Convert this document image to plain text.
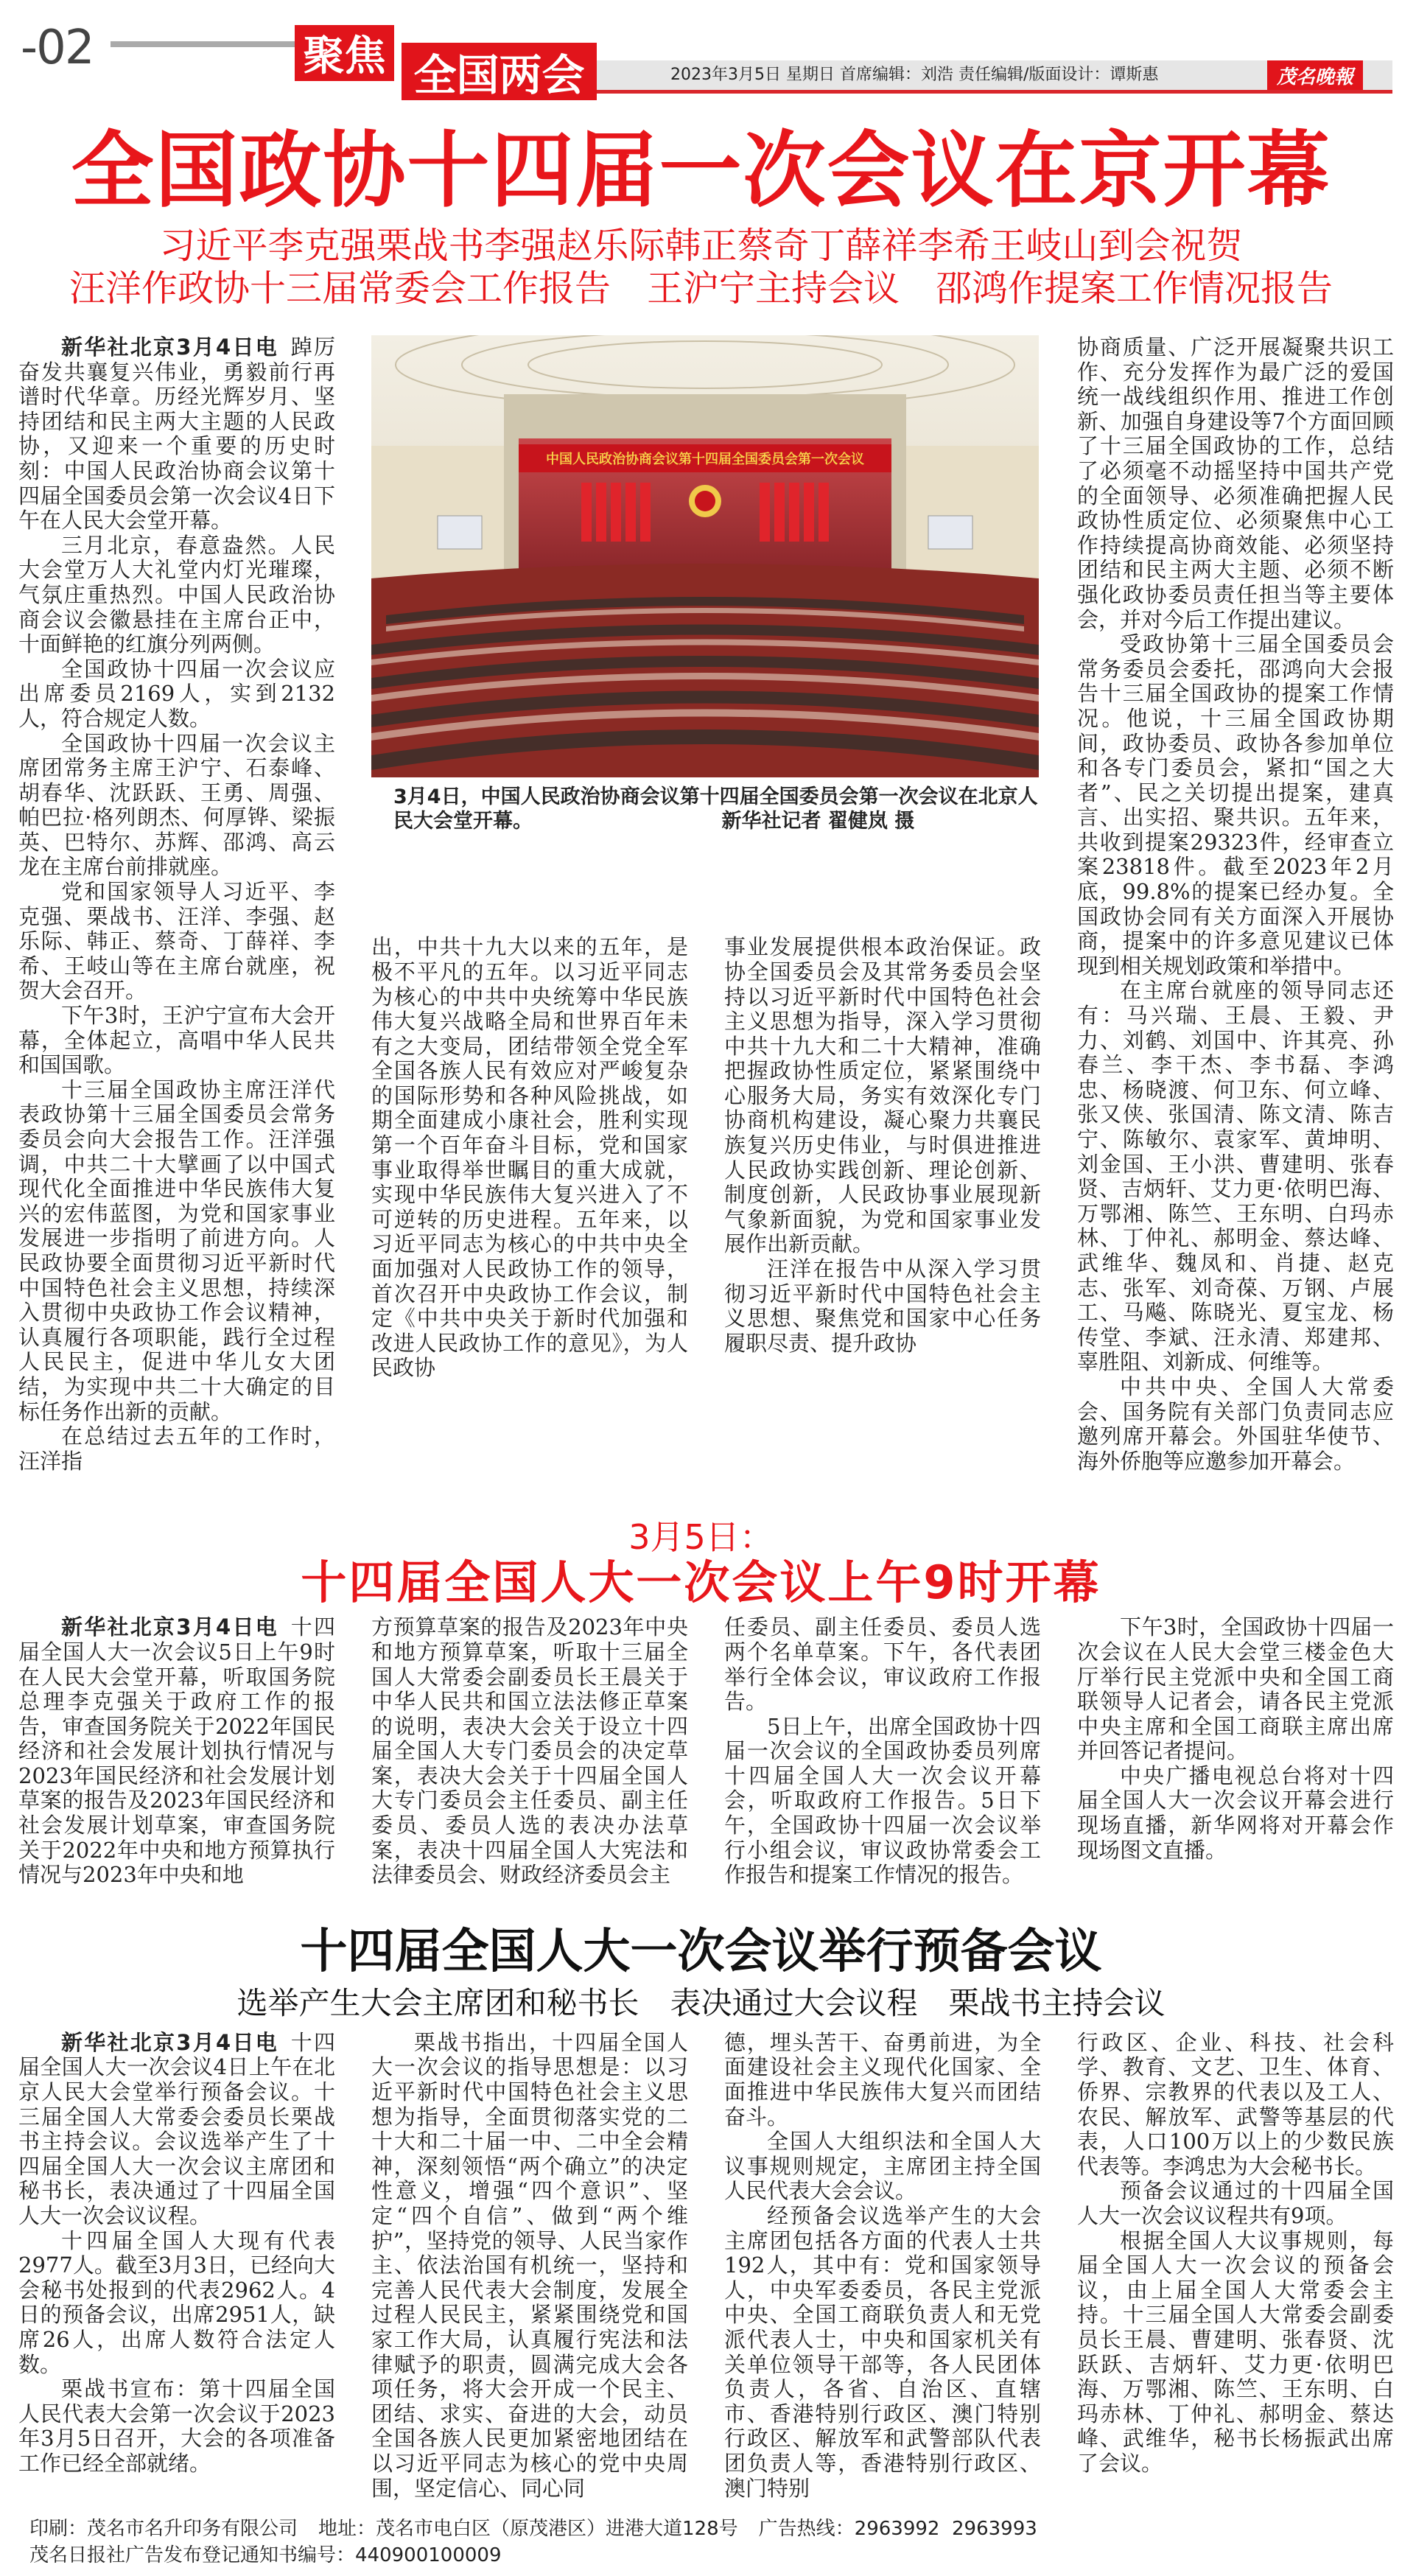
-02	聚焦 全国两会	2023年3月5日 星期日 首席编辑：刘浩 责任编辑/版面设计：谭斯惠	茂名晚報
全国政协十四届一次会议在京开幕
习近平李克强栗战书李强赵乐际韩正蔡奇丁薛祥李希王岐山到会祝贺
汪洋作政协十三届常委会工作报告　王沪宁主持会议　邵鸿作提案工作情况报告

新华社北京3月4日电  踔厉奋发共襄复兴伟业，勇毅前行再谱时代华章。历经光辉岁月、坚持团结和民主两大主题的人民政协，又迎来一个重要的历史时刻：中国人民政治协商会议第十四届全国委员会第一次会议4日下午在人民大会堂开幕。

三月北京，春意盎然。人民大会堂万人大礼堂内灯光璀璨，气氛庄重热烈。中国人民政治协商会议会徽悬挂在主席台正中，十面鲜艳的红旗分列两侧。

全国政协十四届一次会议应出席委员2169人，实到2132人，符合规定人数。

全国政协十四届一次会议主席团常务主席王沪宁、石泰峰、胡春华、沈跃跃、王勇、周强、帕巴拉·格列朗杰、何厚铧、梁振英、巴特尔、苏辉、邵鸿、高云龙在主席台前排就座。

党和国家领导人习近平、李克强、栗战书、汪洋、李强、赵乐际、韩正、蔡奇、丁薛祥、李希、王岐山等在主席台就座，祝贺大会召开。

下午3时，王沪宁宣布大会开幕，全体起立，高唱中华人民共和国国歌。

十三届全国政协主席汪洋代表政协第十三届全国委员会常务委员会向大会报告工作。汪洋强调，中共二十大擘画了以中国式现代化全面推进中华民族伟大复兴的宏伟蓝图，为党和国家事业发展进一步指明了前进方向。人民政协要全面贯彻习近平新时代中国特色社会主义思想，持续深入贯彻中央政协工作会议精神，认真履行各项职能，践行全过程人民民主，促进中华儿女大团结，为实现中共二十大确定的目标任务作出新的贡献。

在总结过去五年的工作时，汪洋指

中国人民政治协商会议第十四届全国委员会第一次会议
3月4日，中国人民政治协商会议第十四届全国委员会第一次会议在北京人民大会堂开幕。　　　　　　　　　　新华社记者 翟健岚 摄

出，中共十九大以来的五年，是极不平凡的五年。以习近平同志为核心的中共中央统筹中华民族伟大复兴战略全局和世界百年未有之大变局，团结带领全党全军全国各族人民有效应对严峻复杂的国际形势和各种风险挑战，如期全面建成小康社会，胜利实现第一个百年奋斗目标，党和国家事业取得举世瞩目的重大成就，实现中华民族伟大复兴进入了不可逆转的历史进程。五年来，以习近平同志为核心的中共中央全面加强对人民政协工作的领导，首次召开中央政协工作会议，制定《中共中央关于新时代加强和改进人民政协工作的意见》，为人民政协

事业发展提供根本政治保证。政协全国委员会及其常务委员会坚持以习近平新时代中国特色社会主义思想为指导，深入学习贯彻中共十九大和二十大精神，准确把握政协性质定位，紧紧围绕中心服务大局，务实有效深化专门协商机构建设，凝心聚力共襄民族复兴历史伟业，与时俱进推进人民政协实践创新、理论创新、制度创新，人民政协事业展现新气象新面貌，为党和国家事业发展作出新贡献。

汪洋在报告中从深入学习贯彻习近平新时代中国特色社会主义思想、聚焦党和国家中心任务履职尽责、提升政协

协商质量、广泛开展凝聚共识工作、充分发挥作为最广泛的爱国统一战线组织作用、推进工作创新、加强自身建设等7个方面回顾了十三届全国政协的工作，总结了必须毫不动摇坚持中国共产党的全面领导、必须准确把握人民政协性质定位、必须聚焦中心工作持续提高协商效能、必须坚持团结和民主两大主题、必须不断强化政协委员责任担当等主要体会，并对今后工作提出建议。

受政协第十三届全国委员会常务委员会委托，邵鸿向大会报告十三届全国政协的提案工作情况。他说，十三届全国政协期间，政协委员、政协各参加单位和各专门委员会，紧扣“国之大者”、民之关切提出提案，建真言、出实招、聚共识。五年来，共收到提案29323件，经审查立案23818件。截至2023年2月底，99.8%的提案已经办复。全国政协会同有关方面深入开展协商，提案中的许多意见建议已体现到相关规划政策和举措中。

在主席台就座的领导同志还有：马兴瑞、王晨、王毅、尹力、刘鹤、刘国中、许其亮、孙春兰、李干杰、李书磊、李鸿忠、杨晓渡、何卫东、何立峰、张又侠、张国清、陈文清、陈吉宁、陈敏尔、袁家军、黄坤明、刘金国、王小洪、曹建明、张春贤、吉炳轩、艾力更·依明巴海、万鄂湘、陈竺、王东明、白玛赤林、丁仲礼、郝明金、蔡达峰、武维华、魏凤和、肖捷、赵克志、张军、刘奇葆、万钢、卢展工、马飚、陈晓光、夏宝龙、杨传堂、李斌、汪永清、郑建邦、辜胜阻、刘新成、何维等。

中共中央、全国人大常委会、国务院有关部门负责同志应邀列席开幕会。外国驻华使节、海外侨胞等应邀参加开幕会。

3月5日：
十四届全国人大一次会议上午9时开幕

新华社北京3月4日电  十四届全国人大一次会议5日上午9时在人民大会堂开幕，听取国务院总理李克强关于政府工作的报告，审查国务院关于2022年国民经济和社会发展计划执行情况与2023年国民经济和社会发展计划草案的报告及2023年国民经济和社会发展计划草案，审查国务院关于2022年中央和地方预算执行情况与2023年中央和地

方预算草案的报告及2023年中央和地方预算草案，听取十三届全国人大常委会副委员长王晨关于中华人民共和国立法法修正草案的说明，表决大会关于设立十四届全国人大专门委员会的决定草案，表决大会关于十四届全国人大专门委员会主任委员、副主任委员、委员人选的表决办法草案，表决十四届全国人大宪法和法律委员会、财政经济委员会主

任委员、副主任委员、委员人选两个名单草案。下午，各代表团举行全体会议，审议政府工作报告。

5日上午，出席全国政协十四届一次会议的全国政协委员列席十四届全国人大一次会议开幕会，听取政府工作报告。5日下午，全国政协十四届一次会议举行小组会议，审议政协常委会工作报告和提案工作情况的报告。

下午3时，全国政协十四届一次会议在人民大会堂三楼金色大厅举行民主党派中央和全国工商联领导人记者会，请各民主党派中央主席和全国工商联主席出席并回答记者提问。

中央广播电视总台将对十四届全国人大一次会议开幕会进行现场直播，新华网将对开幕会作现场图文直播。

十四届全国人大一次会议举行预备会议
选举产生大会主席团和秘书长　表决通过大会议程　栗战书主持会议

新华社北京3月4日电  十四届全国人大一次会议4日上午在北京人民大会堂举行预备会议。十三届全国人大常委会委员长栗战书主持会议。会议选举产生了十四届全国人大一次会议主席团和秘书长，表决通过了十四届全国人大一次会议议程。

十四届全国人大现有代表2977人。截至3月3日，已经向大会秘书处报到的代表2962人。4日的预备会议，出席2951人，缺席26人，出席人数符合法定人数。

栗战书宣布：第十四届全国人民代表大会第一次会议于2023年3月5日召开，大会的各项准备工作已经全部就绪。

栗战书指出，十四届全国人大一次会议的指导思想是：以习近平新时代中国特色社会主义思想为指导，全面贯彻落实党的二十大和二十届一中、二中全会精神，深刻领悟“两个确立”的决定性意义，增强“四个意识”、坚定“四个自信”、做到“两个维护”，坚持党的领导、人民当家作主、依法治国有机统一，坚持和完善人民代表大会制度，发展全过程人民民主，紧紧围绕党和国家工作大局，认真履行宪法和法律赋予的职责，圆满完成大会各项任务，将大会开成一个民主、团结、求实、奋进的大会，动员全国各族人民更加紧密地团结在以习近平同志为核心的党中央周围，坚定信心、同心同

德，埋头苦干、奋勇前进，为全面建设社会主义现代化国家、全面推进中华民族伟大复兴而团结奋斗。

全国人大组织法和全国人大议事规则规定，主席团主持全国人民代表大会会议。

经预备会议选举产生的大会主席团包括各方面的代表人士共192人，其中有：党和国家领导人，中央军委委员，各民主党派中央、全国工商联负责人和无党派代表人士，中央和国家机关有关单位领导干部等，各人民团体负责人，各省、自治区、直辖市、香港特别行政区、澳门特别行政区、解放军和武警部队代表团负责人等，香港特别行政区、澳门特别

行政区、企业、科技、社会科学、教育、文艺、卫生、体育、侨界、宗教界的代表以及工人、农民、解放军、武警等基层的代表，人口100万以上的少数民族代表等。李鸿忠为大会秘书长。

预备会议通过的十四届全国人大一次会议议程共有9项。

根据全国人大议事规则，每届全国人大一次会议的预备会议，由上届全国人大常委会主持。十三届全国人大常委会副委员长王晨、曹建明、张春贤、沈跃跃、吉炳轩、艾力更·依明巴海、万鄂湘、陈竺、王东明、白玛赤林、丁仲礼、郝明金、蔡达峰、武维华，秘书长杨振武出席了会议。

印刷：茂名市名升印务有限公司 地址：茂名市电白区（原茂港区）进港大道128号 广告热线：2963992  2963993
茂名日报社广告发布登记通知书编号：440900100009
